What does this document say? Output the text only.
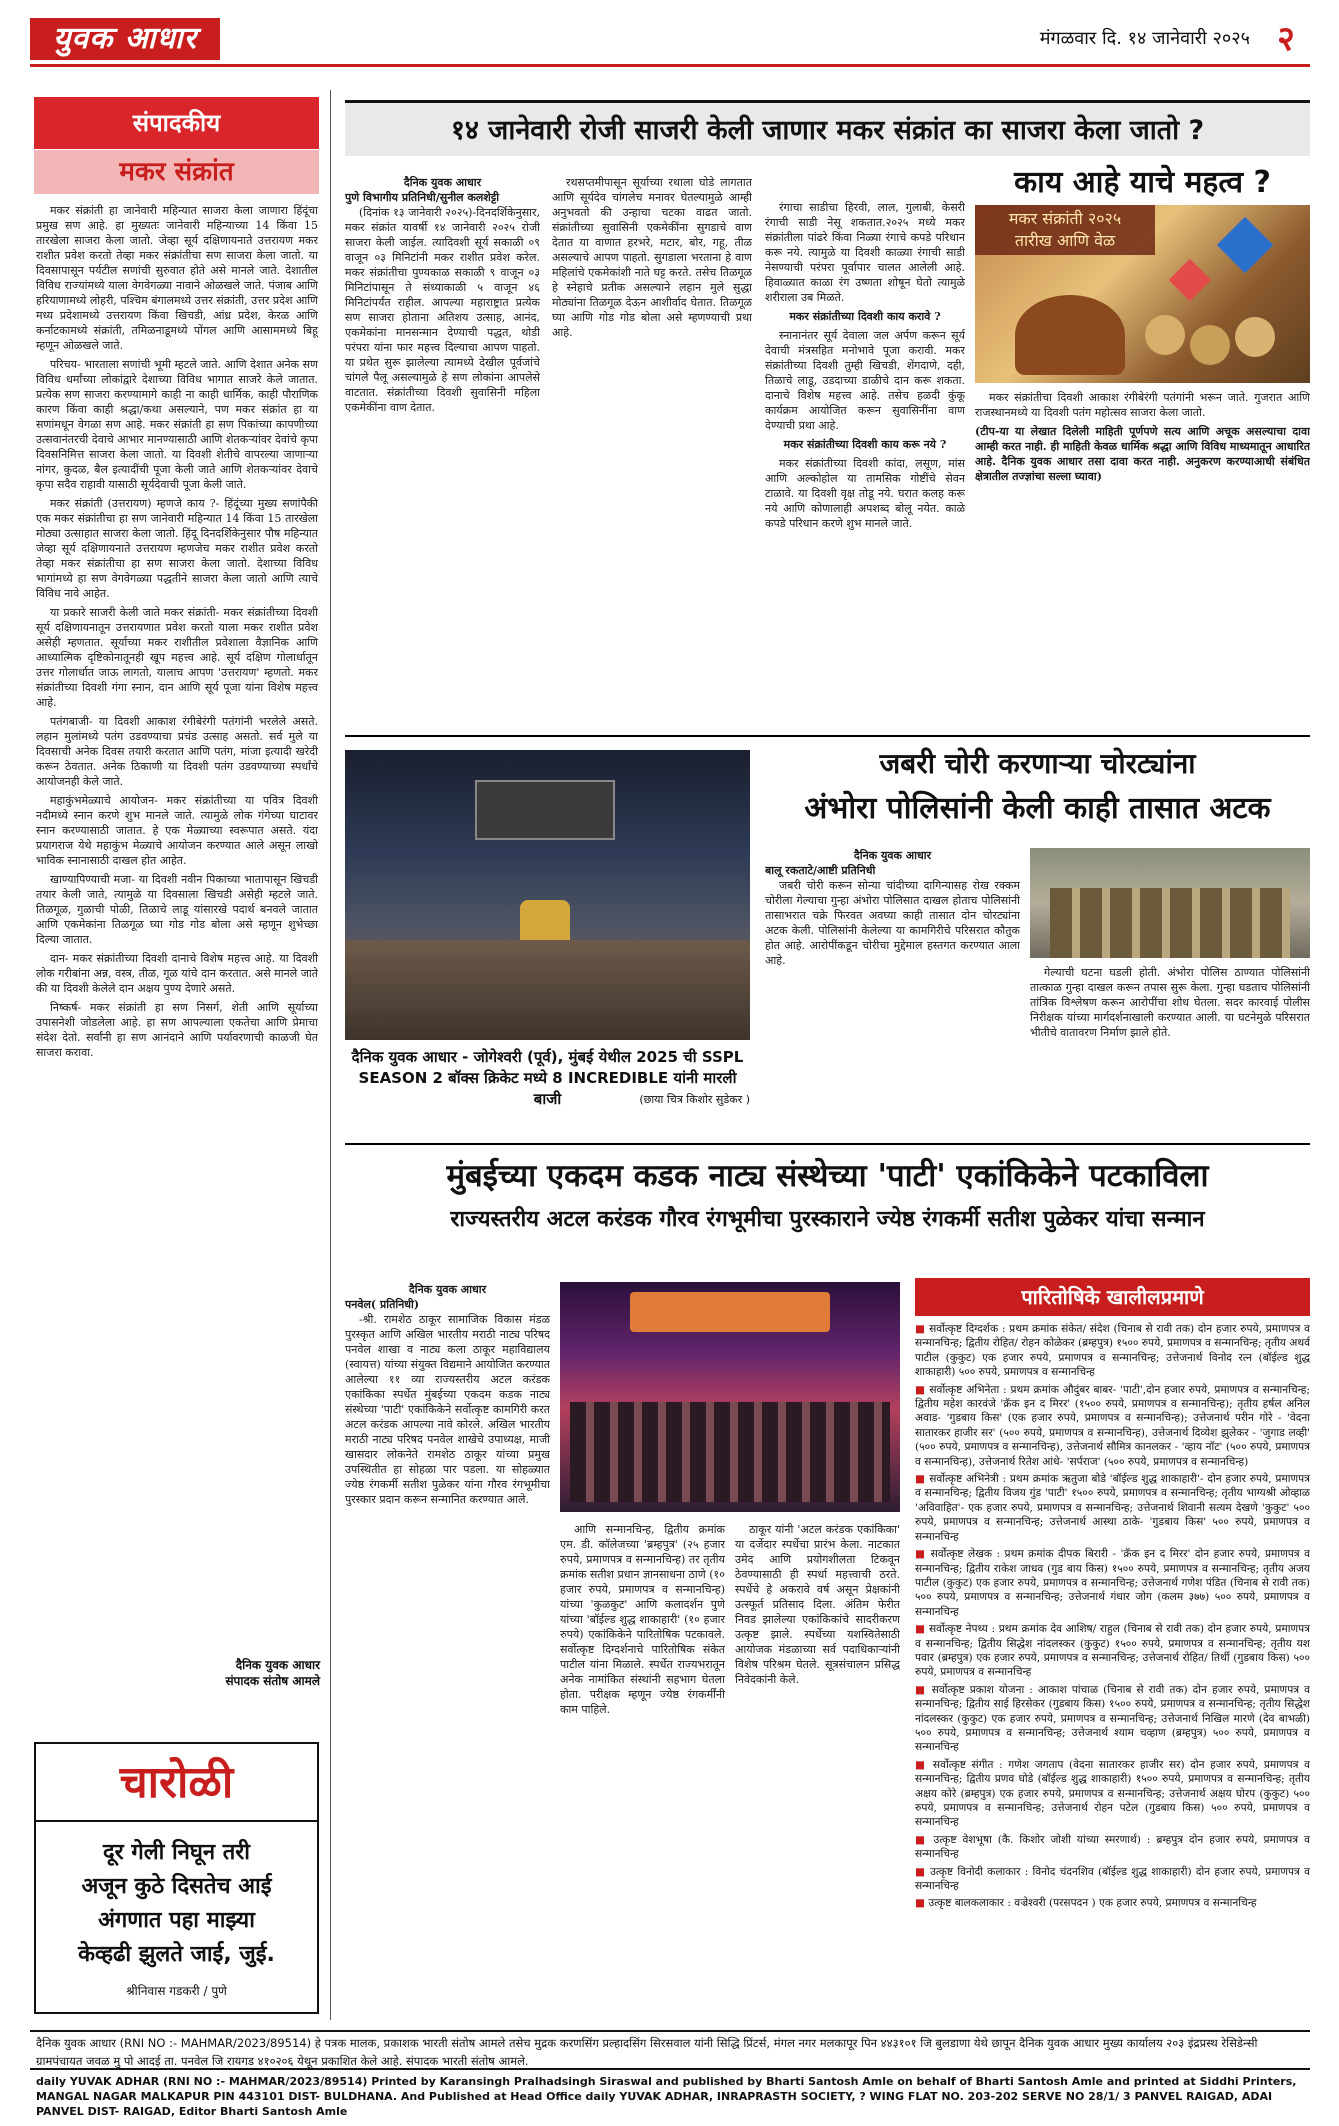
युवक आधार	मंगळवार दि. १४ जानेवारी २०२५ २
संपादकीय
मकर संक्रांत

मकर संक्रांती हा जानेवारी महिन्यात साजरा केला जाणारा हिंदूंचा प्रमुख सण आहे. हा मुख्यतः जानेवारी महिन्याच्या 14 किंवा 15 तारखेला साजरा केला जातो. जेव्हा सूर्य दक्षिणायनाते उत्तरायण मकर राशीत प्रवेश करतो तेव्हा मकर संक्रांतीचा सण साजरा केला जातो. या दिवसापासून पर्यटील सणांची सुरुवात होते असे मानले जाते. देशातील विविध राज्यांमध्ये याला वेगवेगळ्या नावाने ओळखले जाते. पंजाब आणि हरियाणामध्ये लोहरी, पश्चिम बंगालमध्ये उत्तर संक्रांती, उत्तर प्रदेश आणि मध्य प्रदेशामध्ये उत्तरायण किंवा खिचडी, आंध्र प्रदेश, केरळ आणि कर्नाटकामध्ये संक्रांती, तमिळनाडूमध्ये पोंगल आणि आसाममध्ये बिहू म्हणून ओळखले जाते.

परिचय- भारताला सणांची भूमी म्हटले जाते. आणि देशात अनेक सण विविध धर्मांच्या लोकांद्वारे देशाच्या विविध भागात साजरे केले जातात. प्रत्येक सण साजरा करण्यामागे काही ना काही धार्मिक, काही पौराणिक कारण किंवा काही श्रद्धा/कथा असल्याने, पण मकर संक्रांत हा या सणांमधून वेगळा सण आहे. मकर संक्रांती हा सण पिकांच्या कापणीच्या उत्सवानंतरची देवाचे आभार मानण्यासाठी आणि शेतकऱ्यांवर देवांचे कृपा दिवसनिमित्त साजरा केला जातो. या दिवशी शेतीचे वापरल्या जाणाऱ्या नांगर, कुदळ, बैल इत्यादींची पूजा केली जाते आणि शेतकऱ्यांवर देवाचे कृपा सदैव राहावी यासाठी सूर्यदेवाची पूजा केली जाते.

मकर संक्रांती (उत्तरायण) म्हणजे काय ?- हिंदूंच्या मुख्य सणांपैकी एक मकर संक्रांतीचा हा सण जानेवारी महिन्यात 14 किंवा 15 तारखेला मोठ्या उत्साहात साजरा केला जातो. हिंदू दिनदर्शिकेनुसार पौष महिन्यात जेव्हा सूर्य दक्षिणायनाते उत्तरायण म्हणजेच मकर राशीत प्रवेश करतो तेव्हा मकर संक्रांतीचा हा सण साजरा केला जातो. देशाच्या विविध भागांमध्ये हा सण वेगवेगळ्या पद्धतीने साजरा केला जातो आणि त्याचे विविध नावे आहेत.

या प्रकारे साजरी केली जाते मकर संक्रांती- मकर संक्रांतीच्या दिवशी सूर्य दक्षिणायनातून उत्तरायणात प्रवेश करतो याला मकर राशीत प्रवेश असेही म्हणतात. सूर्याच्या मकर राशीतील प्रवेशाला वैज्ञानिक आणि आध्यात्मिक दृष्टिकोनातूनही खूप महत्त्व आहे. सूर्य दक्षिण गोलार्धातून उत्तर गोलार्धात जाऊ लागतो, यालाच आपण 'उत्तरायण' म्हणतो. मकर संक्रांतीच्या दिवशी गंगा स्नान, दान आणि सूर्य पूजा यांना विशेष महत्त्व आहे.

पतंगबाजी- या दिवशी आकाश रंगीबेरंगी पतंगांनी भरलेले असते. लहान मुलांमध्ये पतंग उडवण्याचा प्रचंड उत्साह असतो. सर्व मुले या दिवसाची अनेक दिवस तयारी करतात आणि पतंग, मांजा इत्यादी खरेदी करून ठेवतात. अनेक ठिकाणी या दिवशी पतंग उडवण्याच्या स्पर्धांचे आयोजनही केले जाते.

महाकुंभमेळ्याचे आयोजन- मकर संक्रांतीच्या या पवित्र दिवशी नदीमध्ये स्नान करणे शुभ मानले जाते. त्यामुळे लोक गंगेच्या घाटावर स्नान करण्यासाठी जातात. हे एक मेळ्याच्या स्वरूपात असते. यंदा प्रयागराज येथे महाकुंभ मेळ्याचे आयोजन करण्यात आले असून लाखो भाविक स्नानासाठी दाखल होत आहेत.

खाण्यापिण्याची मजा- या दिवशी नवीन पिकाच्या भातापासून खिचडी तयार केली जाते, त्यामुळे या दिवसाला खिचडी असेही म्हटले जाते. तिळगूळ, गुळाची पोळी, तिळाचे लाडू यांसारखे पदार्थ बनवले जातात आणि एकमेकांना तिळगूळ घ्या गोड गोड बोला असे म्हणून शुभेच्छा दिल्या जातात.

दान- मकर संक्रांतीच्या दिवशी दानाचे विशेष महत्त्व आहे. या दिवशी लोक गरीबांना अन्न, वस्त्र, तीळ, गूळ यांचे दान करतात. असे मानले जाते की या दिवशी केलेले दान अक्षय पुण्य देणारे असते.

निष्कर्ष- मकर संक्रांती हा सण निसर्ग, शेती आणि सूर्याच्या उपासनेशी जोडलेला आहे. हा सण आपल्याला एकतेचा आणि प्रेमाचा संदेश देतो. सर्वांनी हा सण आनंदाने आणि पर्यावरणाची काळजी घेत साजरा करावा.

दैनिक युवक आधार
संपादक संतोष आमले
चारोळी
दूर गेली निघून तरी
अजून कुठे दिसतेच आई
अंगणात पहा माझ्या
केव्हढी झुलते जाई, जुई.
श्रीनिवास गडकरी / पुणे
१४ जानेवारी रोजी साजरी केली जाणार मकर संक्रांत का साजरा केला जातो ?
दैनिक युवक आधार
पुणे विभागीय प्रतिनिधी/सुनील कलशेट्टी

(दिनांक १३ जानेवारी २०२५)-दिनदर्शिकेनुसार, मकर संक्रांत यावर्षी १४ जानेवारी २०२५ रोजी साजरा केली जाईल. त्यादिवशी सूर्य सकाळी ०९ वाजून ०३ मिनिटांनी मकर राशीत प्रवेश करेल. मकर संक्रांतीचा पुण्यकाळ सकाळी ९ वाजून ०३ मिनिटांपासून ते संध्याकाळी ५ वाजून ४६ मिनिटांपर्यंत राहील. आपल्या महाराष्ट्रात प्रत्येक सण साजरा होताना अतिशय उत्साह, आनंद, एकमेकांना मानसन्मान देण्याची पद्धत, थोडी परंपरा यांना फार महत्त्व दिल्याचा आपण पाहतो. या प्रथेत सुरू झालेल्या त्यामध्ये देखील पूर्वजांचे चांगले पैलू असल्यामुळे हे सण लोकांना आपलेसे वाटतात. संक्रांतीच्या दिवशी सुवासिनी महिला एकमेकींना वाण देतात.

रथसप्तमीपासून सूर्याच्या रथाला घोडे लागतात आणि सूर्यदेव चांगलेच मनावर घेतल्यामुळे आम्ही अनुभवतो की उन्हाचा चटका वाढत जातो. संक्रांतीच्या सुवासिनी एकमेकींना सुगडाचे वाण देतात या वाणात हरभरे, मटार, बोर, गहू, तीळ असल्याचे आपण पाहतो. सुगडाला भरताना हे वाण महिलांचे एकमेकांशी नाते घट्ट करते. तसेच तिळगूळ हे स्नेहाचे प्रतीक असल्याने लहान मुले सुद्धा मोठ्यांना तिळगूळ देऊन आशीर्वाद घेतात. तिळगूळ घ्या आणि गोड गोड बोला असे म्हणण्याची प्रथा आहे.

रंगाचा साडीचा हिरवी, लाल, गुलाबी, केसरी रंगाची साडी नेसू शकतात.२०२५ मध्ये मकर संक्रांतीला पांढरे किंवा निळ्या रंगाचे कपडे परिधान करू नये. त्यामुळे या दिवशी काळ्या रंगाची साडी नेसण्याची परंपरा पूर्वापार चालत आलेली आहे. हिवाळ्यात काळा रंग उष्णता शोषून घेतो त्यामुळे शरीराला उब मिळते.

मकर संक्रांतीच्या दिवशी काय करावे ?

स्नानानंतर सूर्य देवाला जल अर्पण करून सूर्य देवाची मंत्रसहित मनोभावे पूजा करावी. मकर संक्रांतीच्या दिवशी तुम्ही खिचडी, शेंगदाणे, दही, तिळाचे लाडू, उडदाच्या डाळीचे दान करू शकता. दानाचे विशेष महत्त्व आहे. तसेच हळदी कुंकू कार्यक्रम आयोजित करून सुवासिनींना वाण देण्याची प्रथा आहे.

मकर संक्रांतीच्या दिवशी काय करू नये ?

मकर संक्रांतीच्या दिवशी कांदा, लसूण, मांस आणि अल्कोहोल या तामसिक गोष्टींचे सेवन टाळावे. या दिवशी वृक्ष तोडू नये. घरात कलह करू नये आणि कोणालाही अपशब्द बोलू नयेत. काळे कपडे परिधान करणे शुभ मानले जाते.

काय आहे याचे महत्व ?
मकर संक्रांती २०२५
तारीख आणि वेळ

मकर संक्रांतीचा दिवशी आकाश रंगीबेरंगी पतंगांनी भरून जाते. गुजरात आणि राजस्थानमध्ये या दिवशी पतंग महोत्सव साजरा केला जातो.

(टीप-या या लेखात दिलेली माहिती पूर्णपणे सत्य आणि अचूक असल्याचा दावा आम्ही करत नाही. ही माहिती केवळ धार्मिक श्रद्धा आणि विविध माध्यमातून आधारित आहे. दैनिक युवक आधार तसा दावा करत नाही. अनुकरण करण्याआधी संबंधित क्षेत्रातील तज्ज्ञांचा सल्ला घ्यावा)

दैनिक युवक आधार - जोगेश्वरी (पूर्व), मुंबई येथील 2025 ची SSPL SEASON 2 बॉक्स क्रिकेट मध्ये 8 INCREDIBLE यांनी मारली बाजी	(छाया चित्र किशोर सुडेकर )
जबरी चोरी करणाऱ्या चोरट्यांना
अंभोरा पोलिसांनी केली काही तासात अटक
दैनिक युवक आधार
बालू रकताटे/आष्टी प्रतिनिधी

जबरी चोरी करून सोन्या चांदीच्या दागिन्यासह रोख रक्कम चोरीला गेल्याचा गुन्हा अंभोरा पोलिसात दाखल होताच पोलिसांनी तासाभरात चक्रे फिरवत अवघ्या काही तासात दोन चोरट्यांना अटक केली. पोलिसांनी केलेल्या या कामगिरीचे परिसरात कौतुक होत आहे. आरोपींकडून चोरीचा मुद्देमाल हस्तगत करण्यात आला आहे.

गेल्याची घटना घडली होती. अंभोरा पोलिस ठाण्यात पोलिसांनी तात्काळ गुन्हा दाखल करून तपास सुरू केला. गुन्हा घडताच पोलिसांनी तांत्रिक विश्लेषण करून आरोपींचा शोध घेतला. सदर कारवाई पोलीस निरीक्षक यांच्या मार्गदर्शनाखाली करण्यात आली. या घटनेमुळे परिसरात भीतीचे वातावरण निर्माण झाले होते.

मुंबईच्या एकदम कडक नाट्य संस्थेच्या 'पाटी' एकांकिकेने पटकाविला
राज्यस्तरीय अटल करंडक गौरव रंगभूमीचा पुरस्काराने ज्येष्ठ रंगकर्मी सतीश पुळेकर यांचा सन्मान
दैनिक युवक आधार
पनवेल( प्रतिनिधी)

-श्री. रामशेठ ठाकूर सामाजिक विकास मंडळ पुरस्कृत आणि अखिल भारतीय मराठी नाट्य परिषद पनवेल शाखा व नाट्य कला ठाकूर महाविद्यालय (स्वायत्त) यांच्या संयुक्त विद्यमाने आयोजित करण्यात आलेल्या ११ व्या राज्यस्तरीय अटल करंडक एकांकिका स्पर्धेत मुंबईच्या एकदम कडक नाट्य संस्थेच्या 'पाटी' एकांकिकेने सर्वोत्कृष्ट कामगिरी करत अटल करंडक आपल्या नावे कोरले. अखिल भारतीय मराठी नाट्य परिषद पनवेल शाखेचे उपाध्यक्ष, माजी खासदार लोकनेते रामशेठ ठाकूर यांच्या प्रमुख उपस्थितीत हा सोहळा पार पडला. या सोहळ्यात ज्येष्ठ रंगकर्मी सतीश पुळेकर यांना गौरव रंगभूमीचा पुरस्कार प्रदान करून सन्मानित करण्यात आले.

आणि सन्मानचिन्ह, द्वितीय क्रमांक एम. डी. कॉलेजच्या 'ब्रम्हपुत्र' (२५ हजार रुपये, प्रमाणपत्र व सन्मानचिन्ह) तर तृतीय क्रमांक सतीश प्रधान ज्ञानसाधना ठाणे (१० हजार रुपये, प्रमाणपत्र व सन्मानचिन्ह) यांच्या 'कुळकुट' आणि कलादर्शन पुणे यांच्या 'बॉईल्ड शुद्ध शाकाहारी' (१० हजार रुपये) एकांकिकेने पारितोषिक पटकावले. सर्वोत्कृष्ट दिग्दर्शनाचे पारितोषिक संकेत पाटील यांना मिळाले. स्पर्धेत राज्यभरातून अनेक नामांकित संस्थांनी सहभाग घेतला होता. परीक्षक म्हणून ज्येष्ठ रंगकर्मींनी काम पाहिले.

ठाकूर यांनी 'अटल करंडक एकांकिका' या दर्जेदार स्पर्धेचा प्रारंभ केला. नाटकात उमेद आणि प्रयोगशीलता टिकवून ठेवण्यासाठी ही स्पर्धा महत्त्वाची ठरते. स्पर्धेचे हे अकरावे वर्ष असून प्रेक्षकांनी उत्स्फूर्त प्रतिसाद दिला. अंतिम फेरीत निवड झालेल्या एकांकिकांचे सादरीकरण उत्कृष्ट झाले. स्पर्धेच्या यशस्वितेसाठी आयोजक मंडळाच्या सर्व पदाधिकाऱ्यांनी विशेष परिश्रम घेतले. सूत्रसंचालन प्रसिद्ध निवेदकांनी केले.

पारितोषिके खालीलप्रमाणे
■ सर्वोत्कृष्ट दिग्दर्शक : प्रथम क्रमांक संकेत/ संदेश (चिनाब से रावी तक) दोन हजार रुपये, प्रमाणपत्र व सन्मानचिन्ह; द्वितीय रोहित/ रोहन कोळेकर (ब्रम्हपुत्र) १५०० रुपये, प्रमाणपत्र व सन्मानचिन्ह; तृतीय अथर्व पाटील (कुकुट) एक हजार रुपये, प्रमाणपत्र व सन्मानचिन्ह; उत्तेजनार्थ विनोद रत्न (बॉईल्ड शुद्ध शाकाहारी) ५०० रुपये, प्रमाणपत्र व सन्मानचिन्ह
■ सर्वोत्कृष्ट अभिनेता : प्रथम क्रमांक औदुंबर बाबर- 'पाटी',दोन हजार रुपये, प्रमाणपत्र व सन्मानचिन्ह; द्वितीय महेश कारवंजे 'क्रॅक इन द मिरर' (१५०० रुपये, प्रमाणपत्र व सन्मानचिन्ह); तृतीय हर्षल अनिल अवाड- 'गुडबाय किस' (एक हजार रुपये, प्रमाणपत्र व सन्मानचिन्ह); उत्तेजनार्थ परीन गोरे - 'वेदना सातारकर हाजीर सर' (५०० रुपये, प्रमाणपत्र व सन्मानचिन्ह), उत्तेजनार्थ दिव्येश झुलेकर - 'जुगाड लव्ही' (५०० रुपये, प्रमाणपत्र व सन्मानचिन्ह), उत्तेजनार्थ सौमित्र कानलकर - 'व्हाय नॉट' (५०० रुपये, प्रमाणपत्र व सन्मानचिन्ह), उत्तेजनार्थ रितेश आंधे- 'सर्पराज' (५०० रुपये, प्रमाणपत्र व सन्मानचिन्ह)
■ सर्वोत्कृष्ट अभिनेत्री : प्रथम क्रमांक ऋतुजा बोडे 'बॉईल्ड शुद्ध शाकाहारी'- दोन हजार रुपये, प्रमाणपत्र व सन्मानचिन्ह; द्वितीय विजय गुंड 'पाटी' १५०० रुपये, प्रमाणपत्र व सन्मानचिन्ह; तृतीय भाग्यश्री ओव्हाळ 'अविवाहित'- एक हजार रुपये, प्रमाणपत्र व सन्मानचिन्ह; उत्तेजनार्थ शिवानी सत्यम देखणे 'कुकुट' ५०० रुपये, प्रमाणपत्र व सन्मानचिन्ह; उत्तेजनार्थ आस्था ठाके- 'गुडबाय किस' ५०० रुपये, प्रमाणपत्र व सन्मानचिन्ह
■ सर्वोत्कृष्ट लेखक : प्रथम क्रमांक दीपक बिरारी - 'क्रॅक इन द मिरर' दोन हजार रुपये, प्रमाणपत्र व सन्मानचिन्ह; द्वितीय राकेश जाधव (गुड बाय किस) १५०० रुपये, प्रमाणपत्र व सन्मानचिन्ह; तृतीय अजय पाटील (कुकुट) एक हजार रुपये, प्रमाणपत्र व सन्मानचिन्ह; उत्तेजनार्थ गणेश पंडित (चिनाब से रावी तक) ५०० रुपये, प्रमाणपत्र व सन्मानचिन्ह; उत्तेजनार्थ गंधार जोग (कलम ३७७) ५०० रुपये, प्रमाणपत्र व सन्मानचिन्ह
■ सर्वोत्कृष्ट नेपथ्य : प्रथम क्रमांक देव आशिष/ राहुल (चिनाब से रावी तक) दोन हजार रुपये, प्रमाणपत्र व सन्मानचिन्ह; द्वितीय सिद्धेश नांदलस्कर (कुकुट) १५०० रुपये, प्रमाणपत्र व सन्मानचिन्ह; तृतीय यश पवार (ब्रम्हपुत्र) एक हजार रुपये, प्रमाणपत्र व सन्मानचिन्ह; उत्तेजनार्थ रोहित/ तिर्थी (गुडबाय किस) ५०० रुपये, प्रमाणपत्र व सन्मानचिन्ह
■ सर्वोत्कृष्ट प्रकाश योजना : आकाश पांचाळ (चिनाब से रावी तक) दोन हजार रुपये, प्रमाणपत्र व सन्मानचिन्ह; द्वितीय साई हिरसेकर (गुडबाय किस) १५०० रुपये, प्रमाणपत्र व सन्मानचिन्ह; तृतीय सिद्धेश नांदलस्कर (कुकुट) एक हजार रुपये, प्रमाणपत्र व सन्मानचिन्ह; उत्तेजनार्थ निखिल मारणे (देव बाभळी) ५०० रुपये, प्रमाणपत्र व सन्मानचिन्ह; उत्तेजनार्थ श्याम चव्हाण (ब्रम्हपुत्र) ५०० रुपये, प्रमाणपत्र व सन्मानचिन्ह
■ सर्वोत्कृष्ट संगीत : गणेश जगताप (वेदना सातारकर हाजीर सर) दोन हजार रुपये, प्रमाणपत्र व सन्मानचिन्ह; द्वितीय प्रणव घोडे (बॉईल्ड शुद्ध शाकाहारी) १५०० रुपये, प्रमाणपत्र व सन्मानचिन्ह; तृतीय अक्षय कोरे (ब्रम्हपुत्र) एक हजार रुपये, प्रमाणपत्र व सन्मानचिन्ह; उत्तेजनार्थ अक्षय घोरप (कुकुट) ५०० रुपये, प्रमाणपत्र व सन्मानचिन्ह; उत्तेजनार्थ रोहन पटेल (गुडबाय किस) ५०० रुपये, प्रमाणपत्र व सन्मानचिन्ह
■ उत्कृष्ट वेशभूषा (कै. किशोर जोशी यांच्या स्मरणार्थ) : ब्रम्हपुत्र दोन हजार रुपये, प्रमाणपत्र व सन्मानचिन्ह
■ उत्कृष्ट विनोदी कलाकार : विनोद चंदनशिव (बॉईल्ड शुद्ध शाकाहारी) दोन हजार रुपये, प्रमाणपत्र व सन्मानचिन्ह
■ उत्कृष्ट बालकलाकार : वज्रेश्वरी (परसपदन ) एक हजार रुपये, प्रमाणपत्र व सन्मानचिन्ह
दैनिक युवक आधार (RNI NO :- MAHMAR/2023/89514) हे पत्रक मालक, प्रकाशक भारती संतोष आमले तसेच मुद्रक करणसिंग प्रल्हादसिंग सिरसवाल यांनी सिद्धि प्रिंटर्स, मंगल नगर मलकापूर पिन ४४३१०१ जि बुलडाणा येथे छापून दैनिक युवक आधार मुख्य कार्यालय २०३ इंद्रप्रस्थ रेसिडेन्सी ग्रामपंचायत जवळ मु पो आदई ता. पनवेल जि रायगड ४१०२०६ येथून प्रकाशित केले आहे. संपादक भारती संतोष आमले.
daily YUVAK ADHAR (RNI NO :- MAHMAR/2023/89514) Printed by Karansingh Pralhadsingh Siraswal and published by Bharti Santosh Amle on behalf of Bharti Santosh Amle and printed at Siddhi Printers, MANGAL NAGAR MALKAPUR PIN 443101 DIST- BULDHANA. And Published at Head Office daily YUVAK ADHAR, INRAPRASTH SOCIETY, ? WING FLAT NO. 203-202 SERVE NO 28/1/ 3 PANVEL RAIGAD, ADAI PANVEL DIST- RAIGAD, Editor Bharti Santosh Amle
